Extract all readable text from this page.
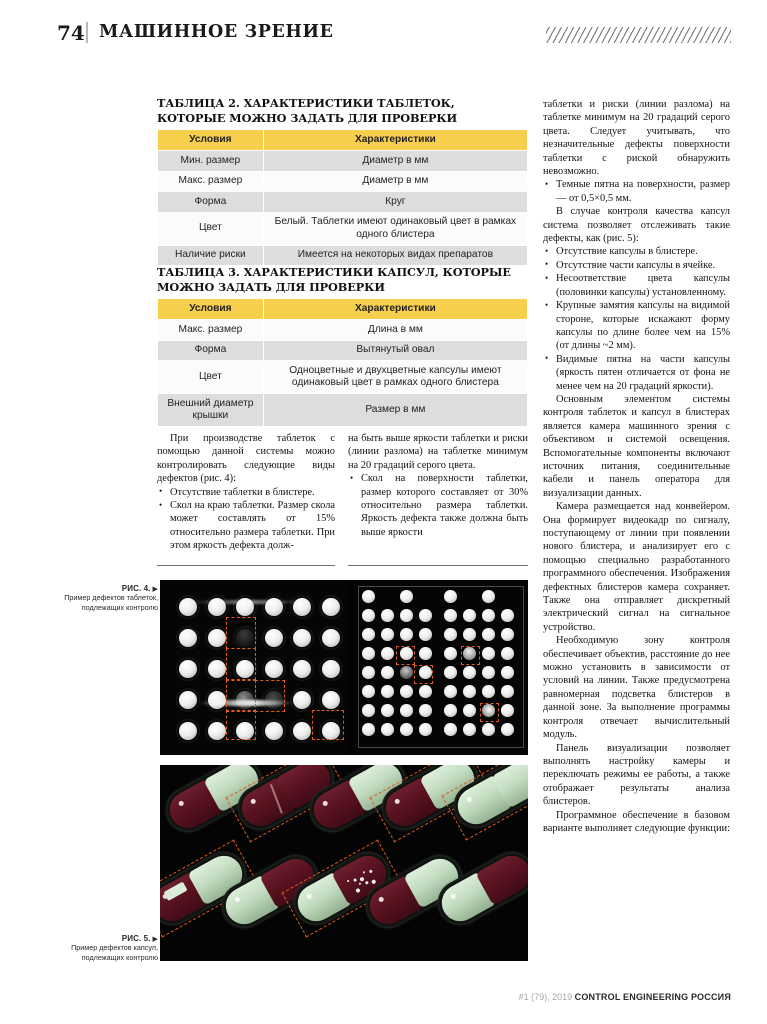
74 МАШИННОЕ ЗРЕНИЕ
ТАБЛИЦА 2. ХАРАКТЕРИСТИКИ ТАБЛЕТОК, КОТОРЫЕ МОЖНО ЗАДАТЬ ДЛЯ ПРОВЕРКИ
Условия	Характеристики
Мин. размер	Диаметр в мм
Макс. размер	Диаметр в мм
Форма	Круг
Цвет	Белый. Таблетки имеют одинаковый цвет в рамках одного блистера
Наличие риски	Имеется на некоторых видах препаратов
ТАБЛИЦА 3. ХАРАКТЕРИСТИКИ КАПСУЛ, КОТОРЫЕ МОЖНО ЗАДАТЬ ДЛЯ ПРОВЕРКИ
Условия	Характеристики
Макс. размер	Длина в мм
Форма	Вытянутый овал
Цвет	Одноцветные и двухцветные капсулы имеют одинаковый цвет в рамках одного блистера
Внешний диаметр крышки	Размер в мм

При производстве таблеток с помощью данной системы можно контролировать следующие виды дефектов (рис. 4):

• Отсутствие таблетки в блистере.
• Скол на краю таблетки. Размер скола может составлять от 15% относительно размера таблетки. При этом яркость дефекта долж-

на быть выше яркости таблетки и риски (линии разлома) на таблетке минимум на 20 градаций серого цвета.

• Скол на поверхности таблетки, размер которого составляет от 30% относительно размера таблетки. Яркость дефекта также должна быть выше яркости

таблетки и риски (линии разлома) на таблетке минимум на 20 градаций серого цвета. Следует учитывать, что незначительные дефекты поверхности таблетки с риской обнаружить невозможно.

• Темные пятна на поверхности, размер — от 0,5×0,5 мм.

В случае контроля качества капсул система позволяет отслеживать такие дефекты, как (рис. 5):

• Отсутствие капсулы в блистере.
• Отсутствие части капсулы в ячейке.
• Несоответствие цвета капсулы (половинки капсулы) установленному.
• Крупные замятия капсулы на видимой стороне, которые искажают форму капсулы по длине более чем на 15% (от длины ~2 мм).
• Видимые пятна на части капсулы (яркость пятен отличается от фона не менее чем на 20 градаций яркости).

Основным элементом системы контроля таблеток и капсул в блистерах является камера машинного зрения с объективом и системой освещения. Вспомогательные компоненты включают источник питания, соединительные кабели и панель оператора для визуализации данных.

Камера размещается над конвейером. Она формирует видеокадр по сигналу, поступающему от линии при появлении нового блистера, и анализирует его с помощью специально разработанного программного обеспечения. Изображения дефектных блистеров камера сохраняет. Также она отправляет дискретный электрический сигнал на сигнальное устройство.

Необходимую зону контроля обеспечивает объектив, расстояние до нее можно установить в зависимости от условий на линии. Также предусмотрена равномерная подсветка блистеров в данной зоне. За выполнение программы контроля отвечает вычислительный модуль.

Панель визуализации позволяет выполнять настройку камеры и переключать режимы ее работы, а также отображает результаты анализа блистеров.

Программное обеспечение в базовом варианте выполняет следующие функции:

РИС. 4. ▶
Пример дефектов таблеток, подлежащих контролю
РИС. 5. ▶
Пример дефектов капсул, подлежащих контролю
#1 (79), 2019 CONTROL ENGINEERING РОССИЯ
